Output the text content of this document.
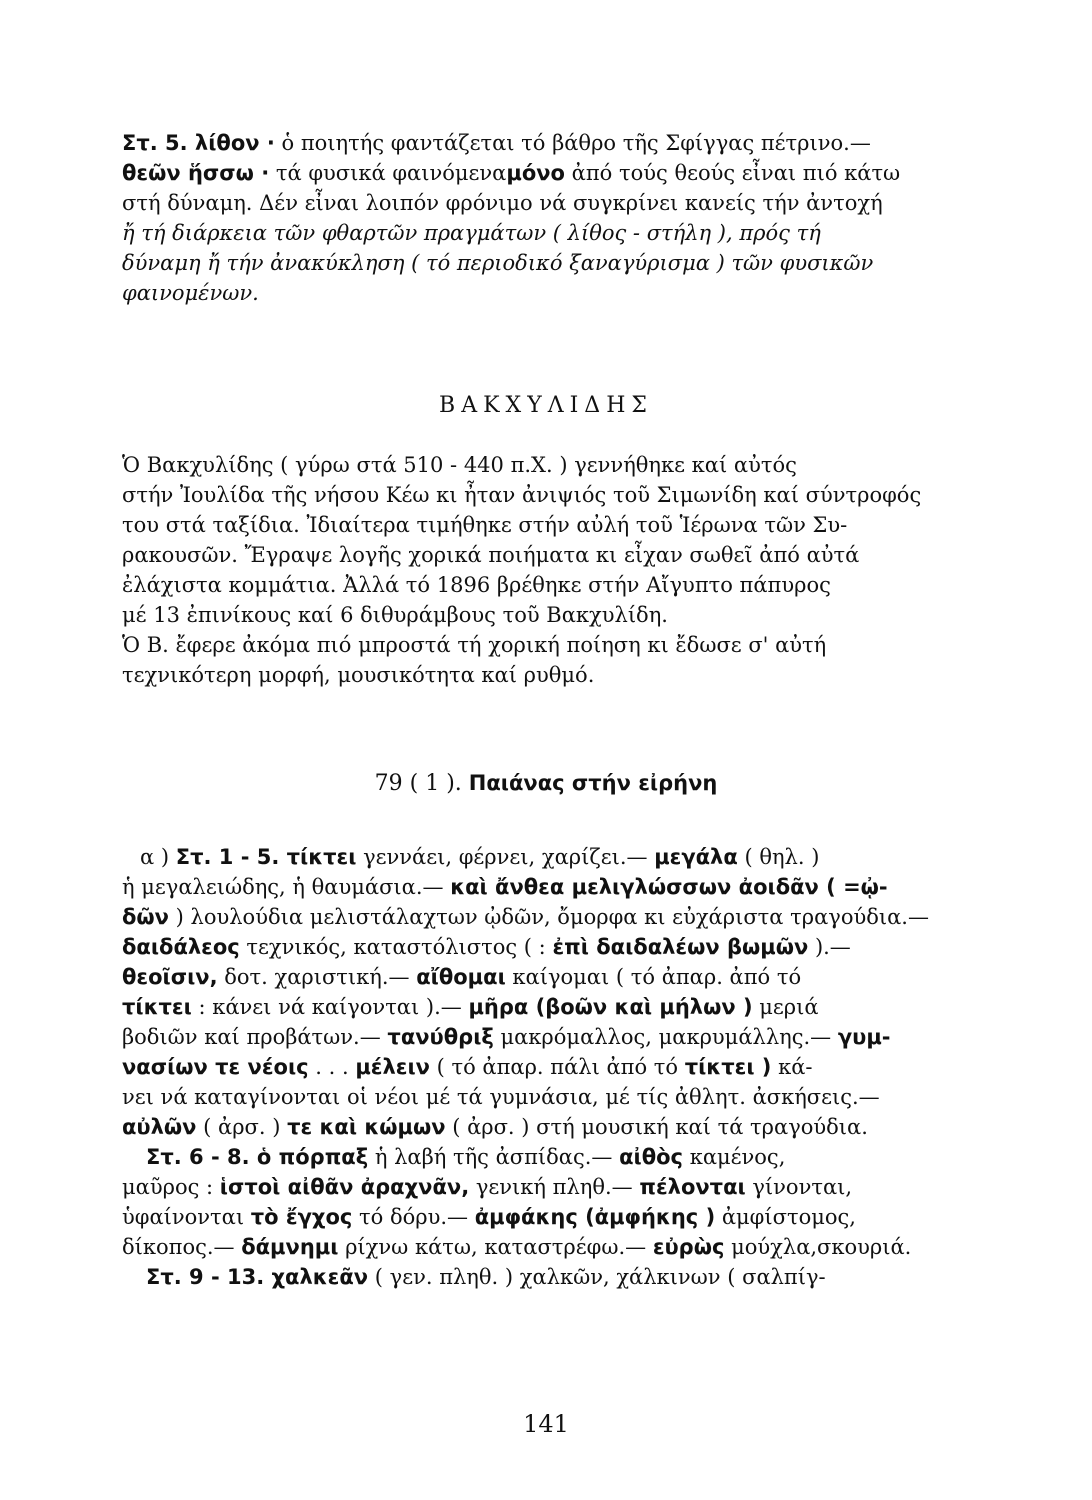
Στ. 5. λίθον · ὁ ποιητής φαντάζεται τό βάθρο τῆς Σφίγγας πέτρινο.—
θεῶν ἥσσω · τά φυσικά φαινόμεναμόνο ἀπό τούς θεούς εἶναι πιό κάτω
στή δύναμη. Δέν εἶναι λοιπόν φρόνιμο νά συγκρίνει κανείς τήν ἀντοχή
ἤ τή διάρκεια τῶν φθαρτῶν πραγμάτων ( λίθος - στήλη ), πρός τή
δύναμη ἤ τήν ἀνακύκληση ( τό περιοδικό ξαναγύρισμα ) τῶν φυσικῶν
φαινομένων.
ΒΑΚΧΥΛΙΔΗΣ
Ὁ Βακχυλίδης ( γύρω στά 510 - 440 π.Χ. ) γεννήθηκε καί αὐτός
στήν Ἰουλίδα τῆς νήσου Κέω κι ἦταν ἀνιψιός τοῦ Σιμωνίδη καί σύντροφός
του στά ταξίδια. Ἰδιαίτερα τιμήθηκε στήν αὐλή τοῦ Ἱέρωνα τῶν Συ-
ρακουσῶν. Ἔγραψε λογῆς χορικά ποιήματα κι εἶχαν σωθεῖ ἀπό αὐτά
ἐλάχιστα κομμάτια. Ἀλλά τό 1896 βρέθηκε στήν Αἴγυπτο πάπυρος
μέ 13 ἐπινίκους καί 6 διθυράμβους τοῦ Βακχυλίδη.
Ὁ Β. ἔφερε ἀκόμα πιό μπροστά τή χορική ποίηση κι ἔδωσε σ' αὐτή
τεχνικότερη μορφή, μουσικότητα καί ρυθμό.
79 ( 1 ). Παιάνας στήν εἰρήνη
α ) Στ. 1 - 5. τίκτει γεννάει, φέρνει, χαρίζει.— μεγάλα ( θηλ. )
ἡ μεγαλειώδης, ἡ θαυμάσια.— καὶ ἄνθεα μελιγλώσσων ἀοιδᾶν ( =ᾠ-
δῶν ) λουλούδια μελιστάλαχτων ᾠδῶν, ὄμορφα κι εὐχάριστα τραγούδια.—
δαιδάλεος τεχνικός, καταστόλιστος ( : ἐπὶ δαιδαλέων βωμῶν ).—
θεοῖσιν, δοτ. χαριστική.— αἴθομαι καίγομαι ( τό ἀπαρ. ἀπό τό
τίκτει : κάνει νά καίγονται ).— μῆρα (βοῶν καὶ μήλων ) μεριά
βοδιῶν καί προβάτων.— τανύθριξ μακρόμαλλος, μακρυμάλλης.— γυμ-
νασίων τε νέοις . . . μέλειν ( τό ἀπαρ. πάλι ἀπό τό τίκτει ) κά-
νει νά καταγίνονται οἱ νέοι μέ τά γυμνάσια, μέ τίς ἀθλητ. ἀσκήσεις.—
αὐλῶν ( ἀρσ. ) τε καὶ κώμων ( ἀρσ. ) στή μουσική καί τά τραγούδια.
Στ. 6 - 8. ὁ πόρπαξ ἡ λαβή τῆς ἀσπίδας.— αἰθὸς καμένος,
μαῦρος : ἱστοὶ αἰθᾶν ἀραχνᾶν, γενική πληθ.— πέλονται γίνονται,
ὑφαίνονται τὸ ἔγχος τό δόρυ.— ἀμφάκης (ἀμφήκης ) ἀμφίστομος,
δίκοπος.— δάμνημι ρίχνω κάτω, καταστρέφω.— εὐρὼς μούχλα,σκουριά.
Στ. 9 - 13. χαλκεᾶν ( γεν. πληθ. ) χαλκῶν, χάλκινων ( σαλπίγ-
141
